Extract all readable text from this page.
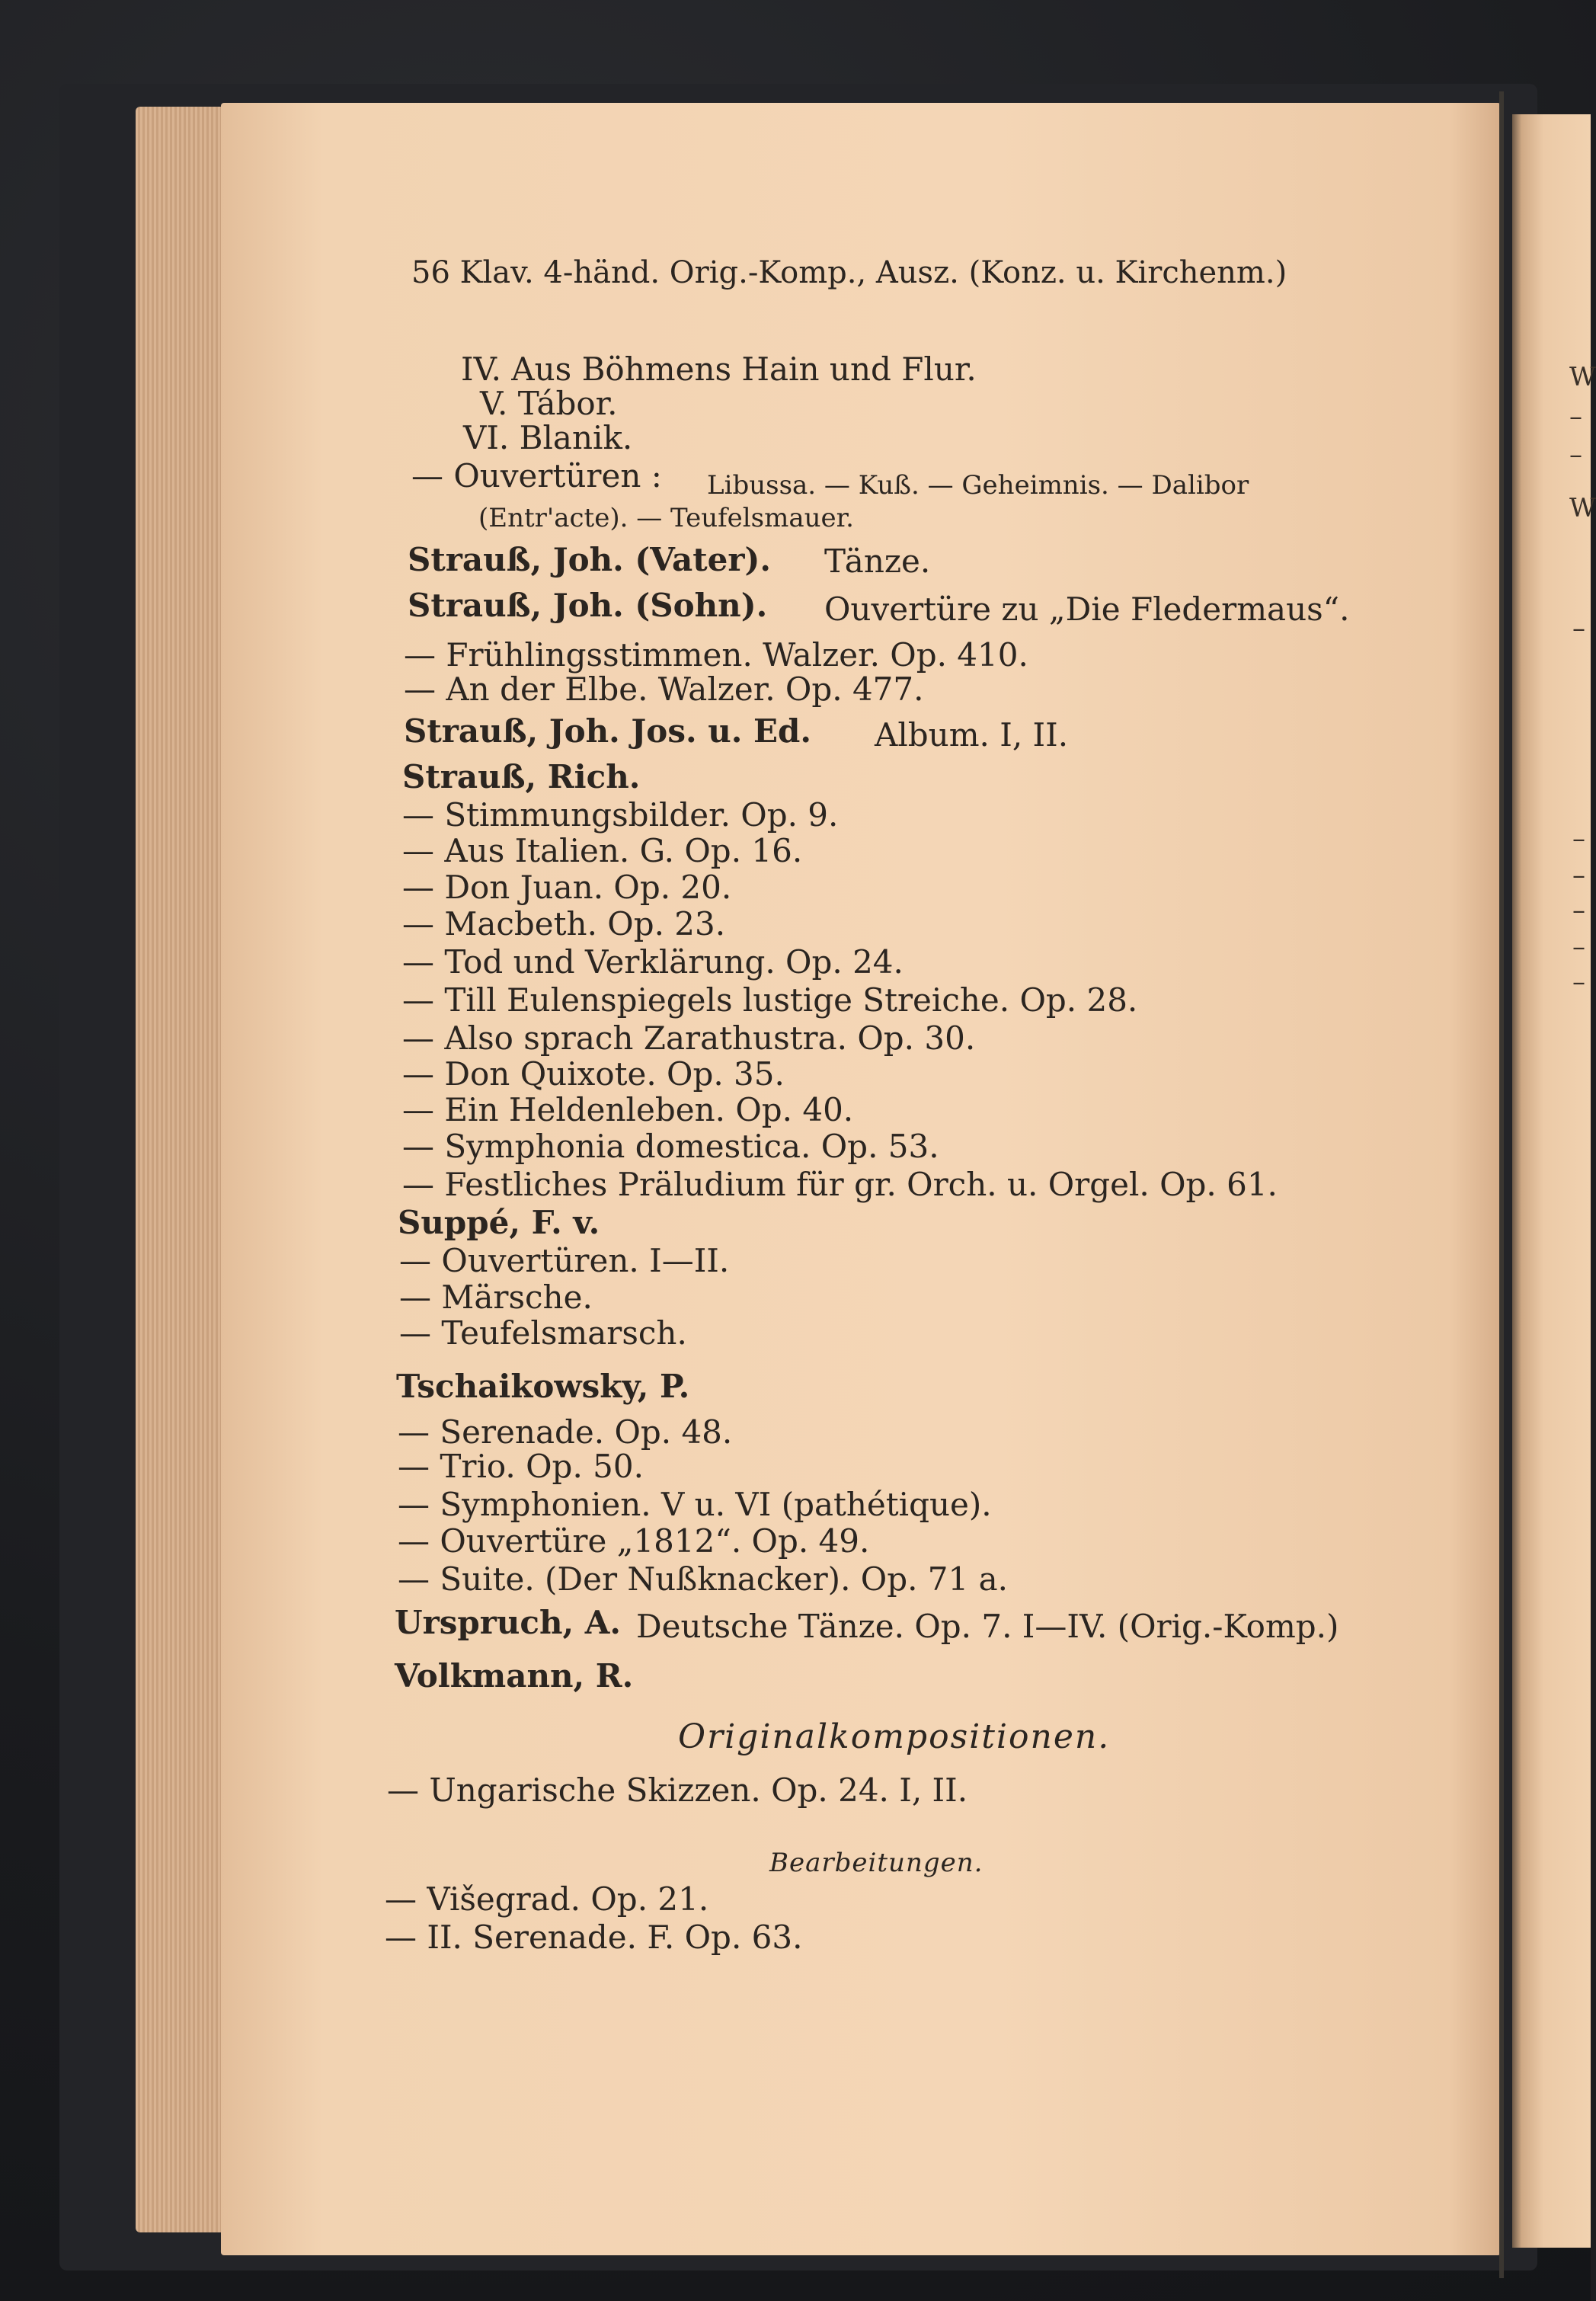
W
–
–
W
–
–
–
–
–
–
56 Klav. 4-händ. Orig.-Komp., Ausz. (Konz. u. Kirchenm.)
IV. Aus Böhmens Hain und Flur.
V. Tábor.
VI. Blanik.
— Ouvertüren : Libussa. — Kuß. — Geheimnis. — Dalibor
(Entr'acte). — Teufelsmauer.
Strauß, Joh. (Vater). Tänze.
Strauß, Joh. (Sohn). Ouvertüre zu „Die Fledermaus“.
— Frühlingsstimmen. Walzer. Op. 410.
— An der Elbe. Walzer. Op. 477.
Strauß, Joh. Jos. u. Ed. Album. I, II.
Strauß, Rich.
— Stimmungsbilder. Op. 9.
— Aus Italien. G. Op. 16.
— Don Juan. Op. 20.
— Macbeth. Op. 23.
— Tod und Verklärung. Op. 24.
— Till Eulenspiegels lustige Streiche. Op. 28.
— Also sprach Zarathustra. Op. 30.
— Don Quixote. Op. 35.
— Ein Heldenleben. Op. 40.
— Symphonia domestica. Op. 53.
— Festliches Präludium für gr. Orch. u. Orgel. Op. 61.
Suppé, F. v.
— Ouvertüren. I—II.
— Märsche.
— Teufelsmarsch.
Tschaikowsky, P.
— Serenade. Op. 48.
— Trio. Op. 50.
— Symphonien. V u. VI (pathétique).
— Ouvertüre „1812“. Op. 49.
— Suite. (Der Nußknacker). Op. 71 a.
Urspruch, A. Deutsche Tänze. Op. 7. I—IV. (Orig.-Komp.)
Volkmann, R.
Originalkompositionen.
— Ungarische Skizzen. Op. 24. I, II.
Bearbeitungen.
— Višegrad. Op. 21.
— II. Serenade. F. Op. 63.
